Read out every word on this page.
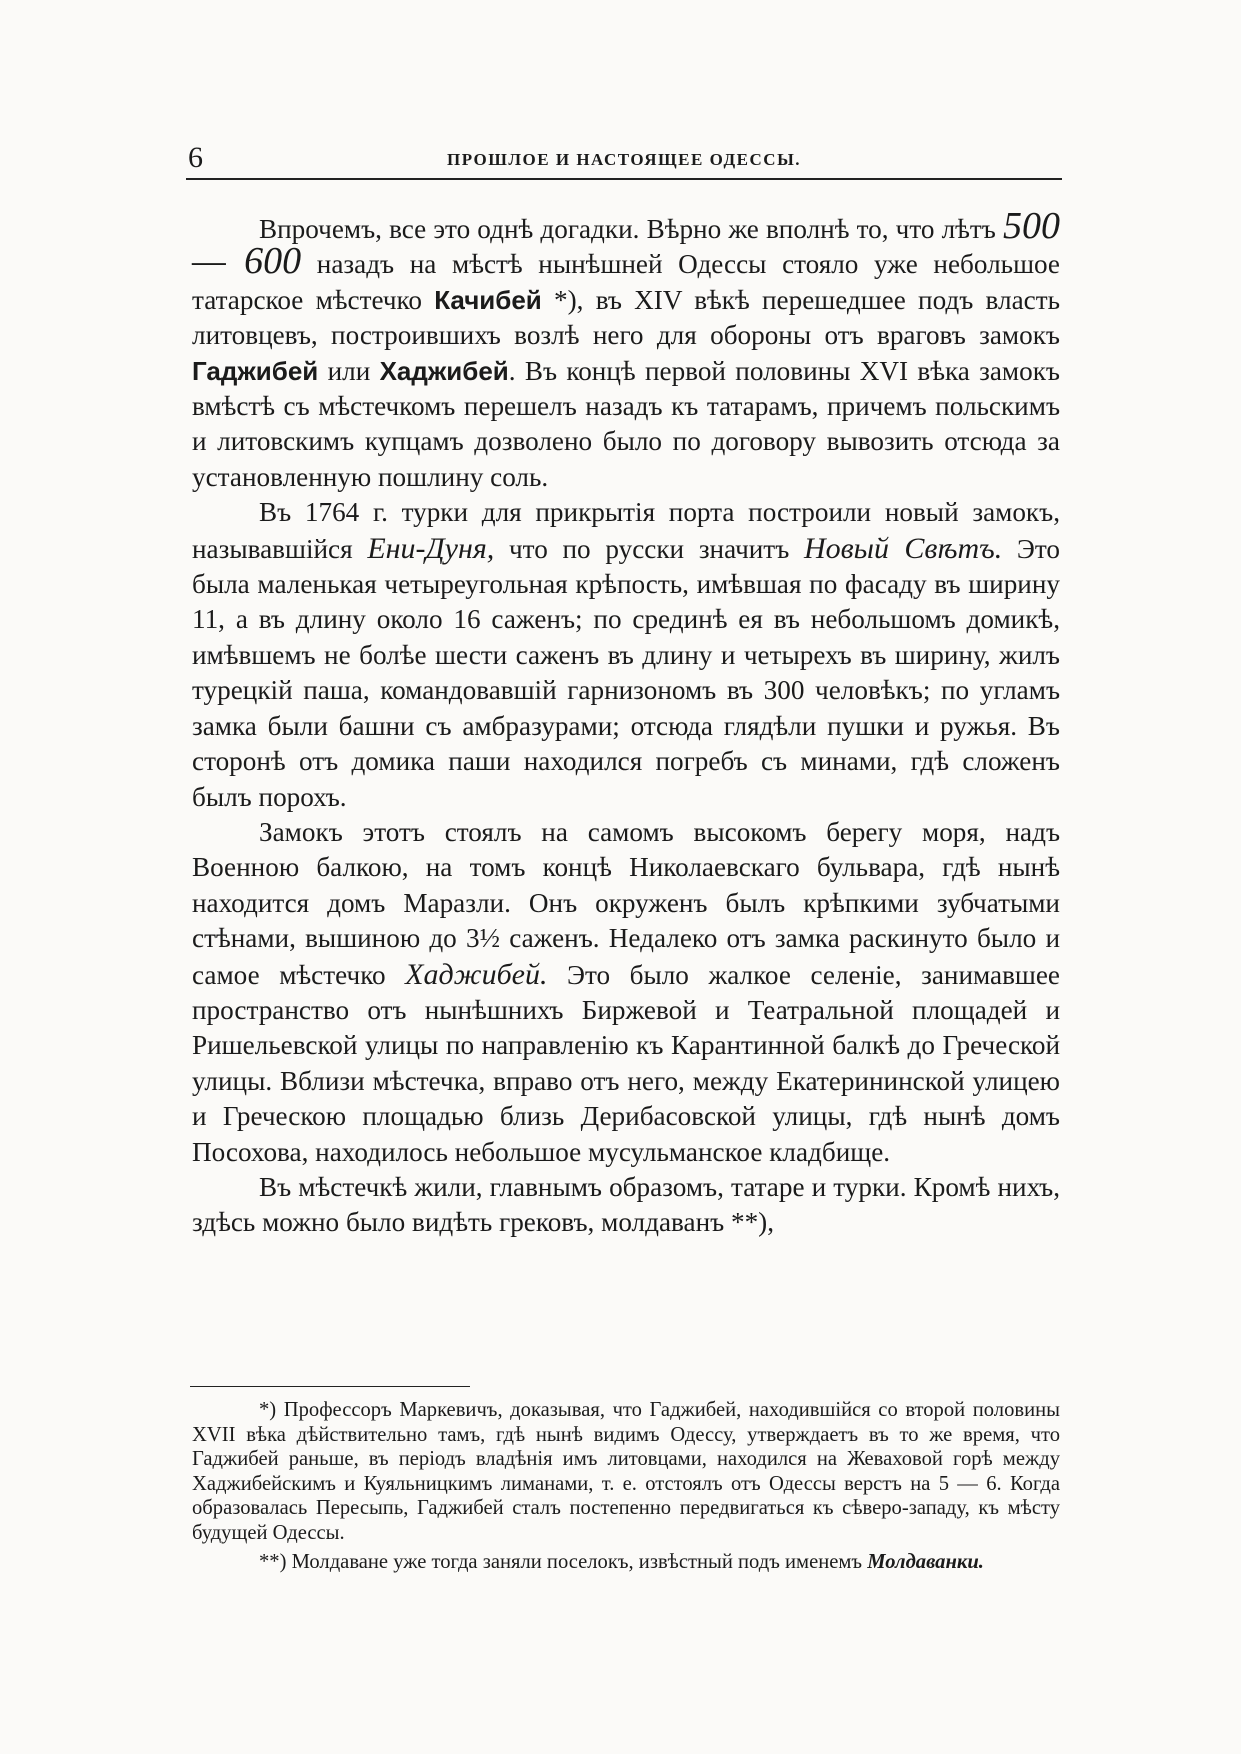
6	ПРОШЛОЕ И НАСТОЯЩЕЕ ОДЕССЫ.

Впрочемъ, все это однѣ догадки. Вѣрно же вполнѣ то, что лѣтъ 500 — 600 назадъ на мѣстѣ нынѣшней Одессы стояло уже небольшое татарское мѣстечко Качибей *), въ XIV вѣкѣ перешедшее подъ власть литовцевъ, построившихъ возлѣ него для обороны отъ враговъ замокъ Гаджибей или Хаджибей. Въ концѣ первой половины XVI вѣка замокъ вмѣстѣ съ мѣстечкомъ перешелъ назадъ къ татарамъ, причемъ польскимъ и литовскимъ купцамъ дозволено было по договору вывозить отсюда за установленную пошлину соль.

Въ 1764 г. турки для прикрытія порта построили новый замокъ, называвшійся Ени-Дуня, что по русски значитъ Новый Свѣтъ. Это была маленькая четыреугольная крѣпость, имѣвшая по фасаду въ ширину 11, а въ длину около 16 саженъ; по срединѣ ея въ небольшомъ домикѣ, имѣвшемъ не болѣе шести саженъ въ длину и четырехъ въ ширину, жилъ турецкій паша, командовавшій гарнизономъ въ 300 человѣкъ; по угламъ замка были башни съ амбразурами; отсюда глядѣли пушки и ружья. Въ сторонѣ отъ домика паши находился погребъ съ минами, гдѣ сложенъ былъ порохъ.

Замокъ этотъ стоялъ на самомъ высокомъ берегу моря, надъ Военною балкою, на томъ концѣ Николаевскаго бульвара, гдѣ нынѣ находится домъ Маразли. Онъ окруженъ былъ крѣпкими зубчатыми стѣнами, вышиною до 3½ саженъ. Недалеко отъ замка раскинуто было и самое мѣстечко Хаджибей. Это было жалкое селеніе, занимавшее пространство отъ нынѣшнихъ Биржевой и Театральной площадей и Ришельевской улицы по направленію къ Карантинной балкѣ до Греческой улицы. Вблизи мѣстечка, вправо отъ него, между Екатерининской улицею и Греческою площадью близь Дерибасовской улицы, гдѣ нынѣ домъ Посохова, находилось небольшое мусульманское кладбище.

Въ мѣстечкѣ жили, главнымъ образомъ, татаре и турки. Кромѣ нихъ, здѣсь можно было видѣть грековъ, молдаванъ **),

*) Профессоръ Маркевичъ, доказывая, что Гаджибей, находившійся со второй половины XVII вѣка дѣйствительно тамъ, гдѣ нынѣ видимъ Одессу, утверждаетъ въ то же время, что Гаджибей раньше, въ періодъ владѣнія имъ литовцами, находился на Жеваховой горѣ между Хаджибейскимъ и Куяльницкимъ лиманами, т. е. отстоялъ отъ Одессы верстъ на 5 — 6. Когда образовалась Пересыпь, Гаджибей сталъ постепенно передвигаться къ сѣверо-западу, къ мѣсту будущей Одессы.

**) Молдаване уже тогда заняли поселокъ, извѣстный подъ именемъ Молдаванки.
